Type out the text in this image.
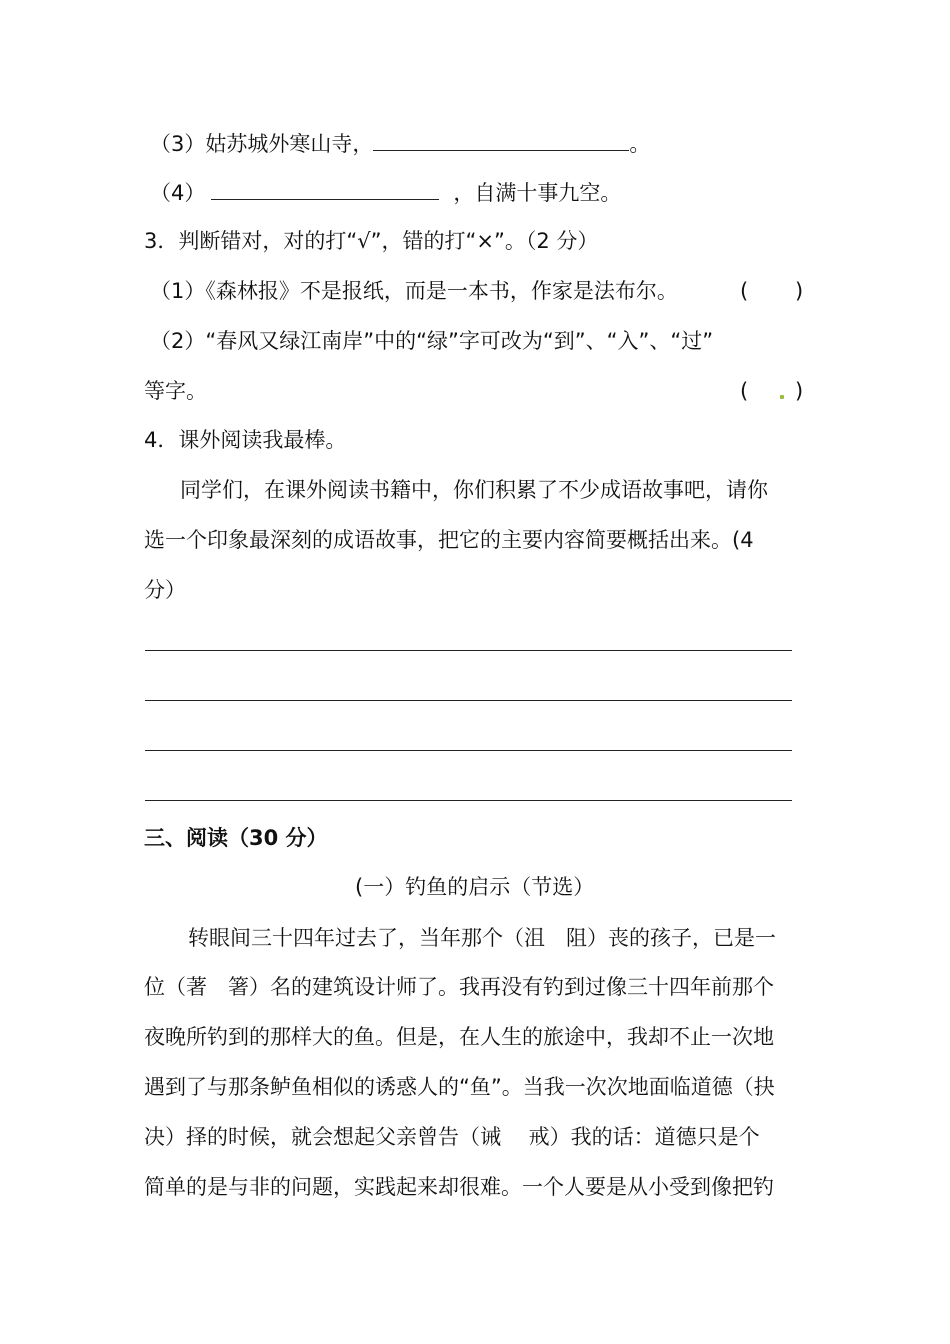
（3）姑苏城外寒山寺，	。
（4）	，自满十事九空。
3．判断错对，对的打“√”，错的打“×”。（2 分）
（1）《森林报》不是报纸，而是一本书，作家是法布尔。	( )
（2）“春风又绿江南岸”中的“绿”字可改为“到”、“入”、“过”
等字。	( )
4．课外阅读我最棒。
同学们，在课外阅读书籍中，你们积累了不少成语故事吧，请你
选一个印象最深刻的成语故事，把它的主要内容简要概括出来。(4
分）
三、阅读（30 分）
(一）钓鱼的启示（节选）
转眼间三十四年过去了，当年那个（沮　阻）丧的孩子，已是一
位（著　箸）名的建筑设计师了。我再没有钓到过像三十四年前那个
夜晚所钓到的那样大的鱼。但是，在人生的旅途中，我却不止一次地
遇到了与那条鲈鱼相似的诱惑人的“鱼”。当我一次次地面临道德（抉
决）择的时候，就会想起父亲曾告（诫　 戒）我的话：道德只是个
简单的是与非的问题，实践起来却很难。一个人要是从小受到像把钓
